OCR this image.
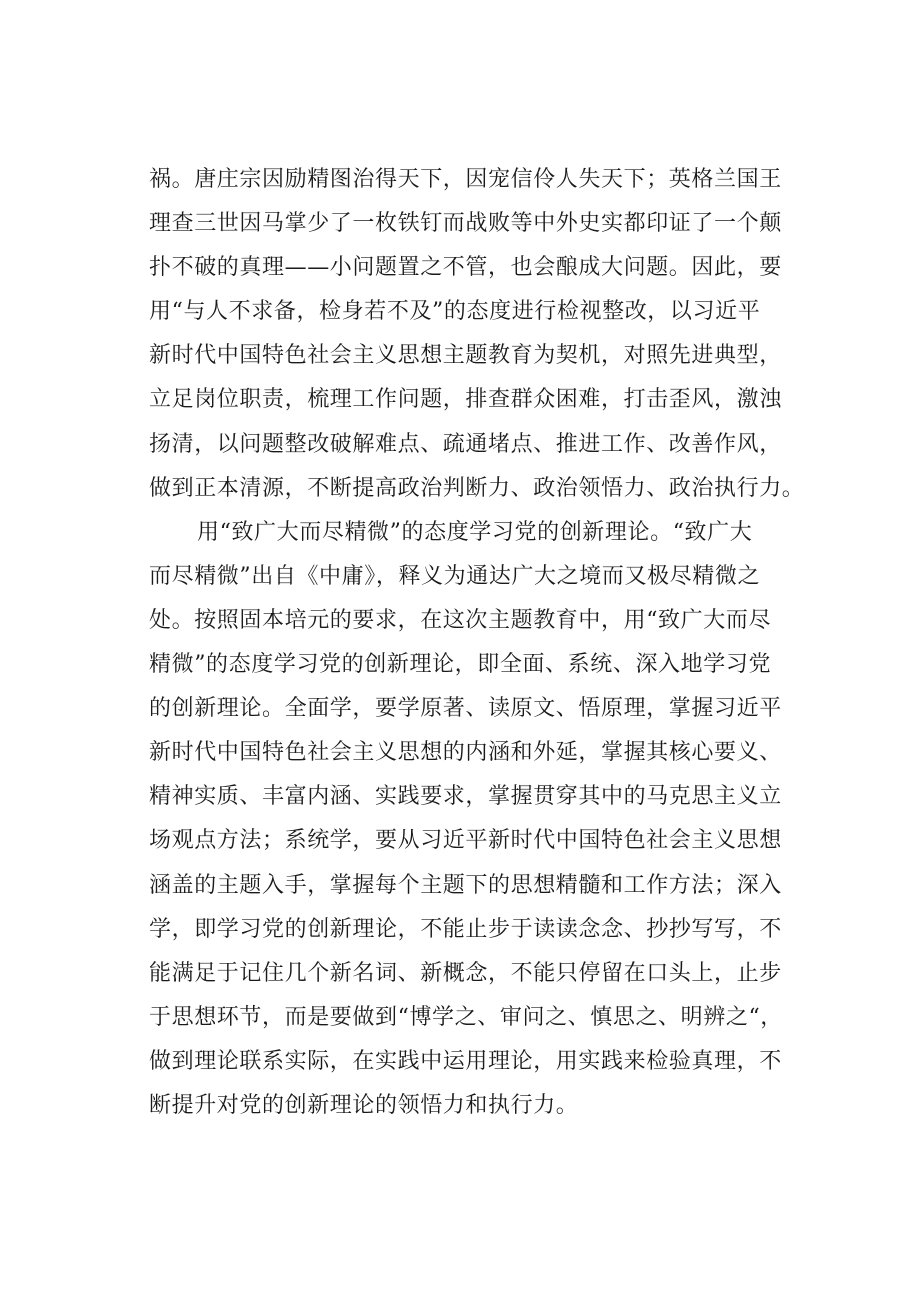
祸。唐庄宗因励精图治得天下，因宠信伶人失天下；英格兰国王
理查三世因马掌少了一枚铁钉而战败等中外史实都印证了一个颠
扑不破的真理——小问题置之不管，也会酿成大问题。因此，要
用“与人不求备，检身若不及”的态度进行检视整改，以习近平
新时代中国特色社会主义思想主题教育为契机，对照先进典型，
立足岗位职责，梳理工作问题，排查群众困难，打击歪风，激浊
扬清，以问题整改破解难点、疏通堵点、推进工作、改善作风，
做到正本清源，不断提高政治判断力、政治领悟力、政治执行力。
用“致广大而尽精微”的态度学习党的创新理论。“致广大
而尽精微”出自《中庸》，释义为通达广大之境而又极尽精微之
处。按照固本培元的要求，在这次主题教育中，用“致广大而尽
精微”的态度学习党的创新理论，即全面、系统、深入地学习党
的创新理论。全面学，要学原著、读原文、悟原理，掌握习近平
新时代中国特色社会主义思想的内涵和外延，掌握其核心要义、
精神实质、丰富内涵、实践要求，掌握贯穿其中的马克思主义立
场观点方法；系统学，要从习近平新时代中国特色社会主义思想
涵盖的主题入手，掌握每个主题下的思想精髓和工作方法；深入
学，即学习党的创新理论，不能止步于读读念念、抄抄写写，不
能满足于记住几个新名词、新概念，不能只停留在口头上，止步
于思想环节，而是要做到“博学之、审问之、慎思之、明辨之“，
做到理论联系实际，在实践中运用理论，用实践来检验真理，不
断提升对党的创新理论的领悟力和执行力。
